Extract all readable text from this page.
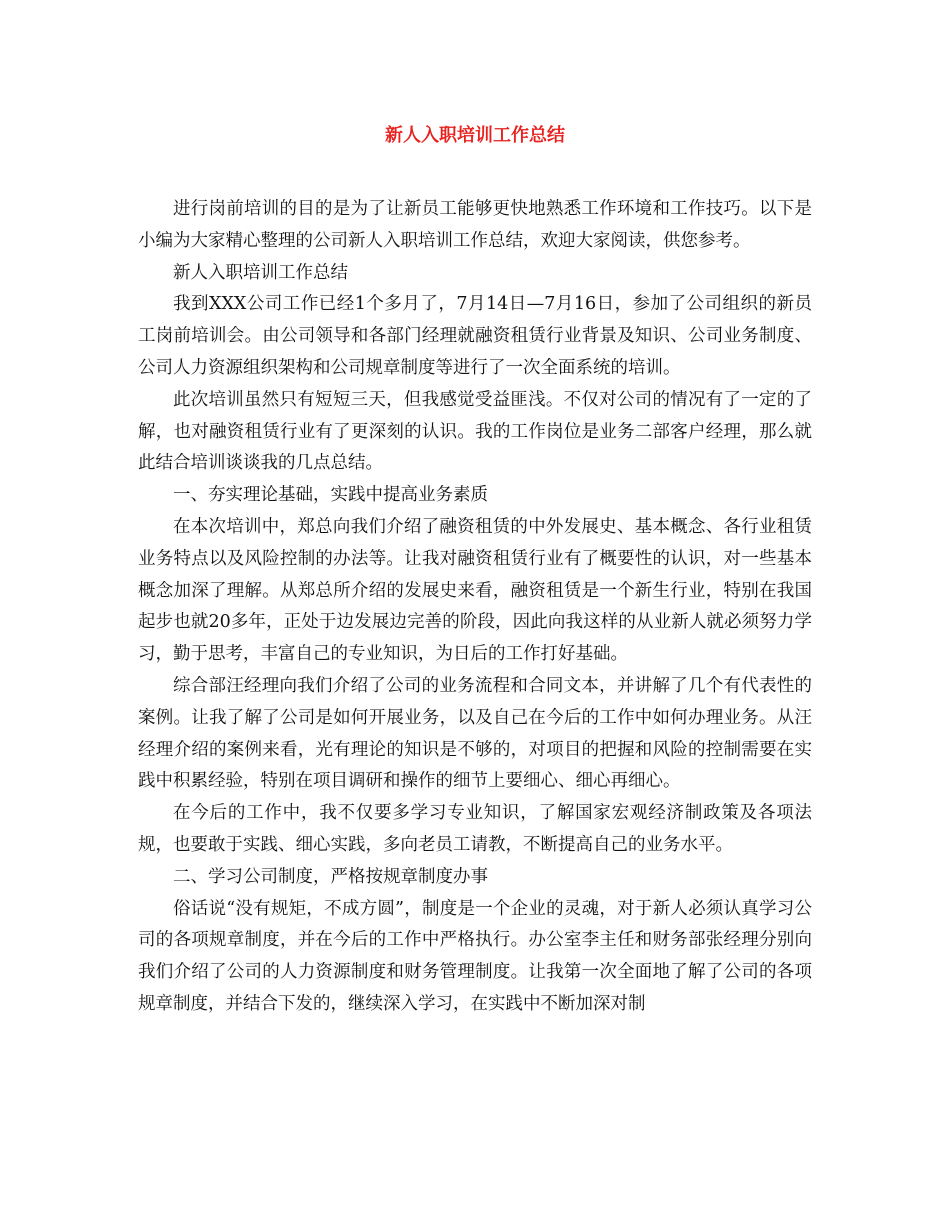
新人入职培训工作总结

进行岗前培训的目的是为了让新员工能够更快地熟悉工作环境和工作技巧。以下是小编为大家精心整理的公司新人入职培训工作总结，欢迎大家阅读，供您参考。

新人入职培训工作总结

我到XXX公司工作已经1个多月了，7月14日—7月16日，参加了公司组织的新员工岗前培训会。由公司领导和各部门经理就融资租赁行业背景及知识、公司业务制度、公司人力资源组织架构和公司规章制度等进行了一次全面系统的培训。

此次培训虽然只有短短三天，但我感觉受益匪浅。不仅对公司的情况有了一定的了解，也对融资租赁行业有了更深刻的认识。我的工作岗位是业务二部客户经理，那么就此结合培训谈谈我的几点总结。

一、夯实理论基础，实践中提高业务素质

在本次培训中，郑总向我们介绍了融资租赁的中外发展史、基本概念、各行业租赁业务特点以及风险控制的办法等。让我对融资租赁行业有了概要性的认识，对一些基本概念加深了理解。从郑总所介绍的发展史来看，融资租赁是一个新生行业，特别在我国起步也就20多年，正处于边发展边完善的阶段，因此向我这样的从业新人就必须努力学习，勤于思考，丰富自己的专业知识，为日后的工作打好基础。

综合部汪经理向我们介绍了公司的业务流程和合同文本，并讲解了几个有代表性的案例。让我了解了公司是如何开展业务，以及自己在今后的工作中如何办理业务。从汪经理介绍的案例来看，光有理论的知识是不够的，对项目的把握和风险的控制需要在实践中积累经验，特别在项目调研和操作的细节上要细心、细心再细心。

在今后的工作中，我不仅要多学习专业知识，了解国家宏观经济制政策及各项法规，也要敢于实践、细心实践，多向老员工请教，不断提高自己的业务水平。

二、学习公司制度，严格按规章制度办事

俗话说“没有规矩，不成方圆”，制度是一个企业的灵魂，对于新人必须认真学习公司的各项规章制度，并在今后的工作中严格执行。办公室李主任和财务部张经理分别向我们介绍了公司的人力资源制度和财务管理制度。让我第一次全面地了解了公司的各项规章制度，并结合下发的，继续深入学习，在实践中不断加深对制
